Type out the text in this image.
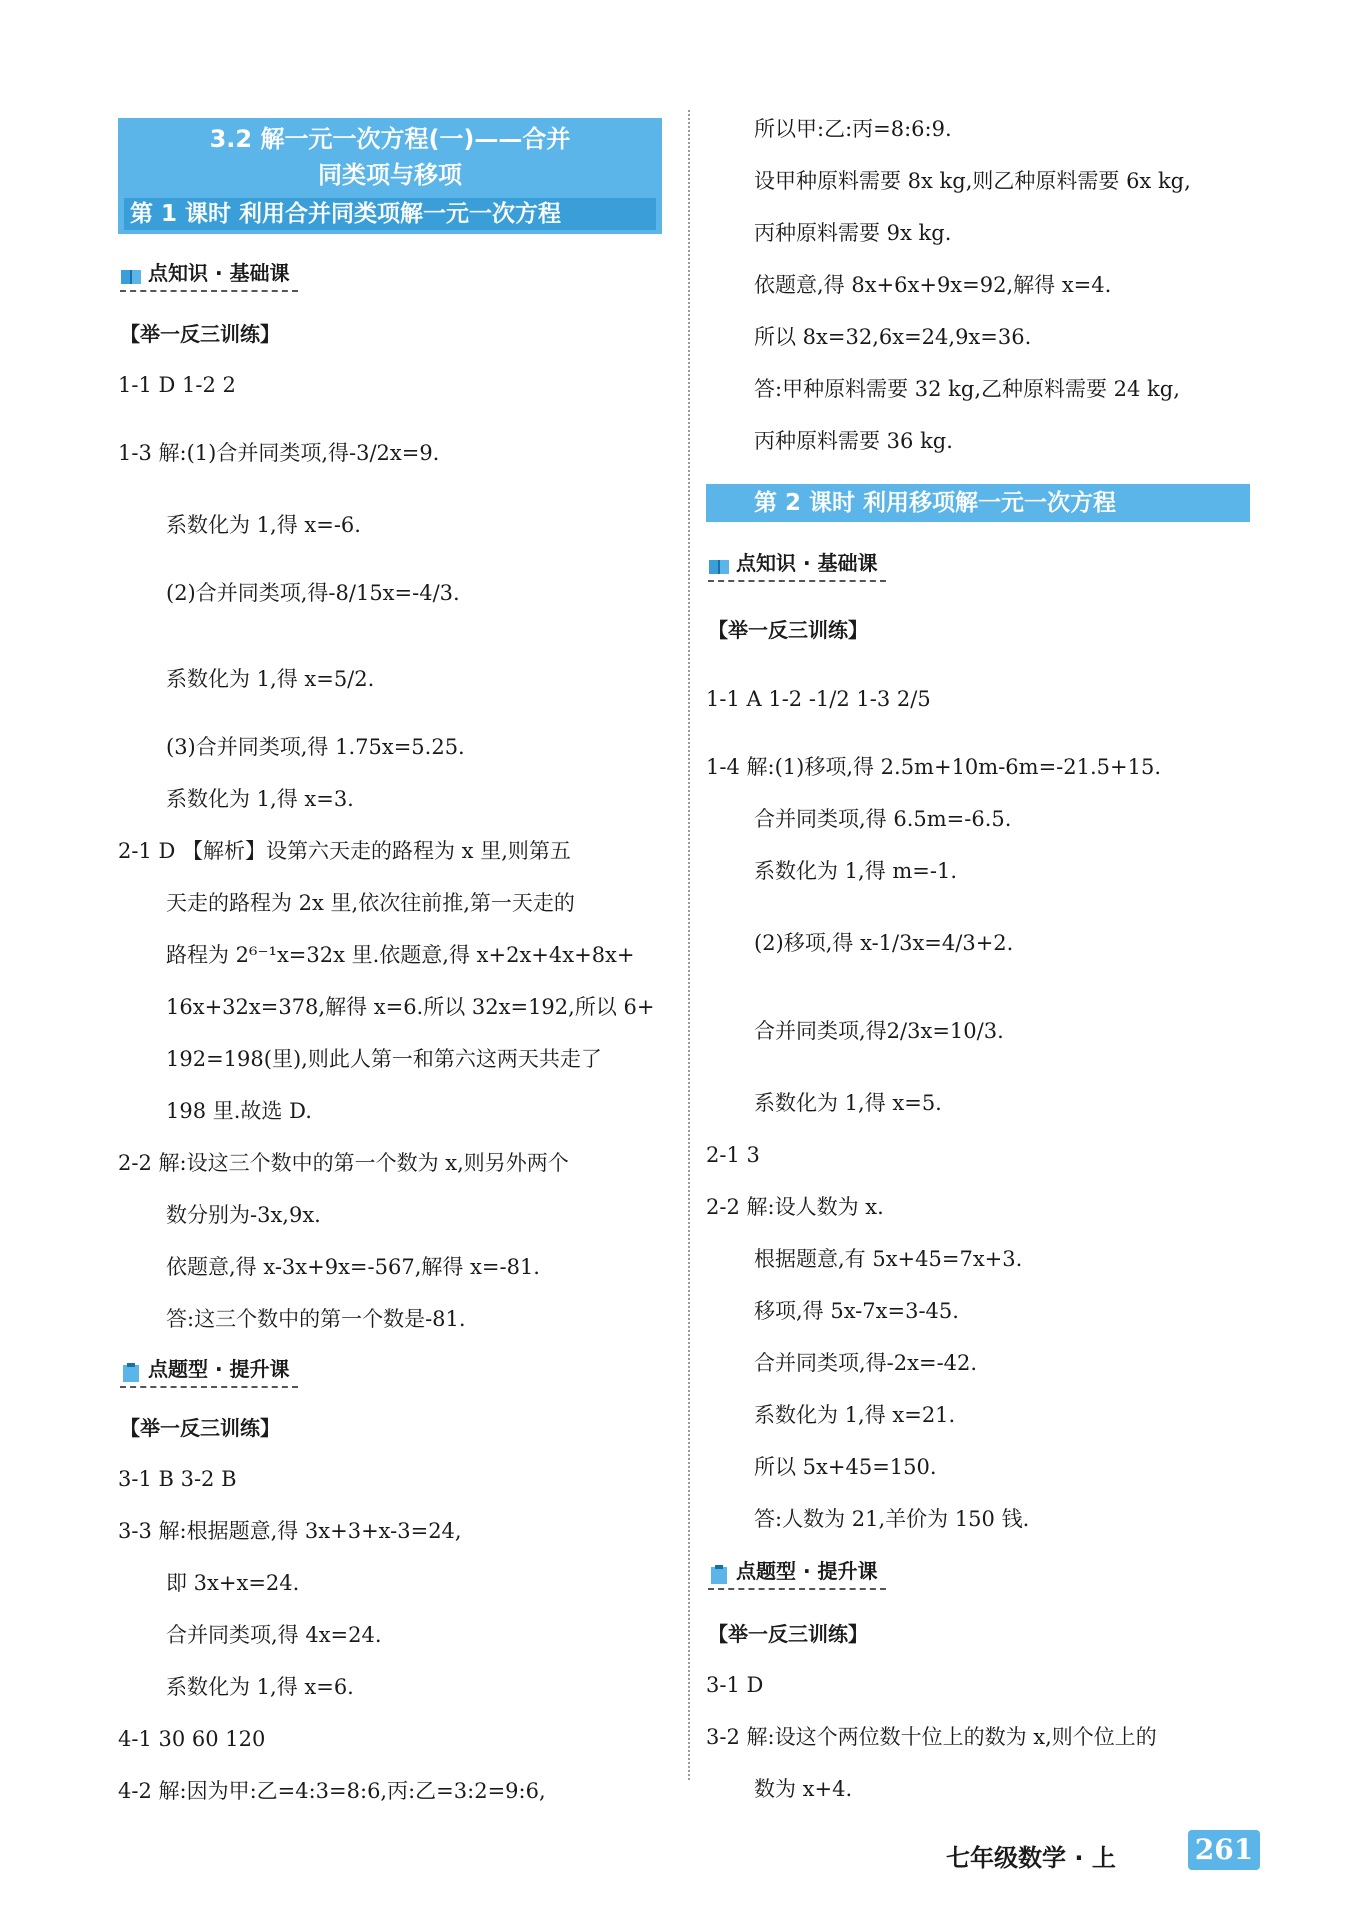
3.2 解一元一次方程(一)——合并
同类项与移项
第 1 课时 利用合并同类项解一元一次方程
点知识 · 基础课
【举一反三训练】
1-1 D 1-2 2
1-3 解:(1)合并同类项,得-3/2x=9.
系数化为 1,得 x=-6.
(2)合并同类项,得-8/15x=-4/3.
系数化为 1,得 x=5/2.
(3)合并同类项,得 1.75x=5.25.
系数化为 1,得 x=3.
2-1 D 【解析】设第六天走的路程为 x 里,则第五
天走的路程为 2x 里,依次往前推,第一天走的
路程为 2⁶⁻¹x=32x 里.依题意,得 x+2x+4x+8x+
16x+32x=378,解得 x=6.所以 32x=192,所以 6+
192=198(里),则此人第一和第六这两天共走了
198 里.故选 D.
2-2 解:设这三个数中的第一个数为 x,则另外两个
数分别为-3x,9x.
依题意,得 x-3x+9x=-567,解得 x=-81.
答:这三个数中的第一个数是-81.
点题型 · 提升课
【举一反三训练】
3-1 B 3-2 B
3-3 解:根据题意,得 3x+3+x-3=24,
即 3x+x=24.
合并同类项,得 4x=24.
系数化为 1,得 x=6.
4-1 30 60 120
4-2 解:因为甲:乙=4:3=8:6,丙:乙=3:2=9:6,
所以甲:乙:丙=8:6:9.
设甲种原料需要 8x kg,则乙种原料需要 6x kg,
丙种原料需要 9x kg.
依题意,得 8x+6x+9x=92,解得 x=4.
所以 8x=32,6x=24,9x=36.
答:甲种原料需要 32 kg,乙种原料需要 24 kg,
丙种原料需要 36 kg.
第 2 课时 利用移项解一元一次方程
点知识 · 基础课
【举一反三训练】
1-1 A 1-2 -1/2 1-3 2/5
1-4 解:(1)移项,得 2.5m+10m-6m=-21.5+15.
合并同类项,得 6.5m=-6.5.
系数化为 1,得 m=-1.
(2)移项,得 x-1/3x=4/3+2.
合并同类项,得2/3x=10/3.
系数化为 1,得 x=5.
2-1 3
2-2 解:设人数为 x.
根据题意,有 5x+45=7x+3.
移项,得 5x-7x=3-45.
合并同类项,得-2x=-42.
系数化为 1,得 x=21.
所以 5x+45=150.
答:人数为 21,羊价为 150 钱.
点题型 · 提升课
【举一反三训练】
3-1 D
3-2 解:设这个两位数十位上的数为 x,则个位上的
数为 x+4.
七年级数学 · 上	261
